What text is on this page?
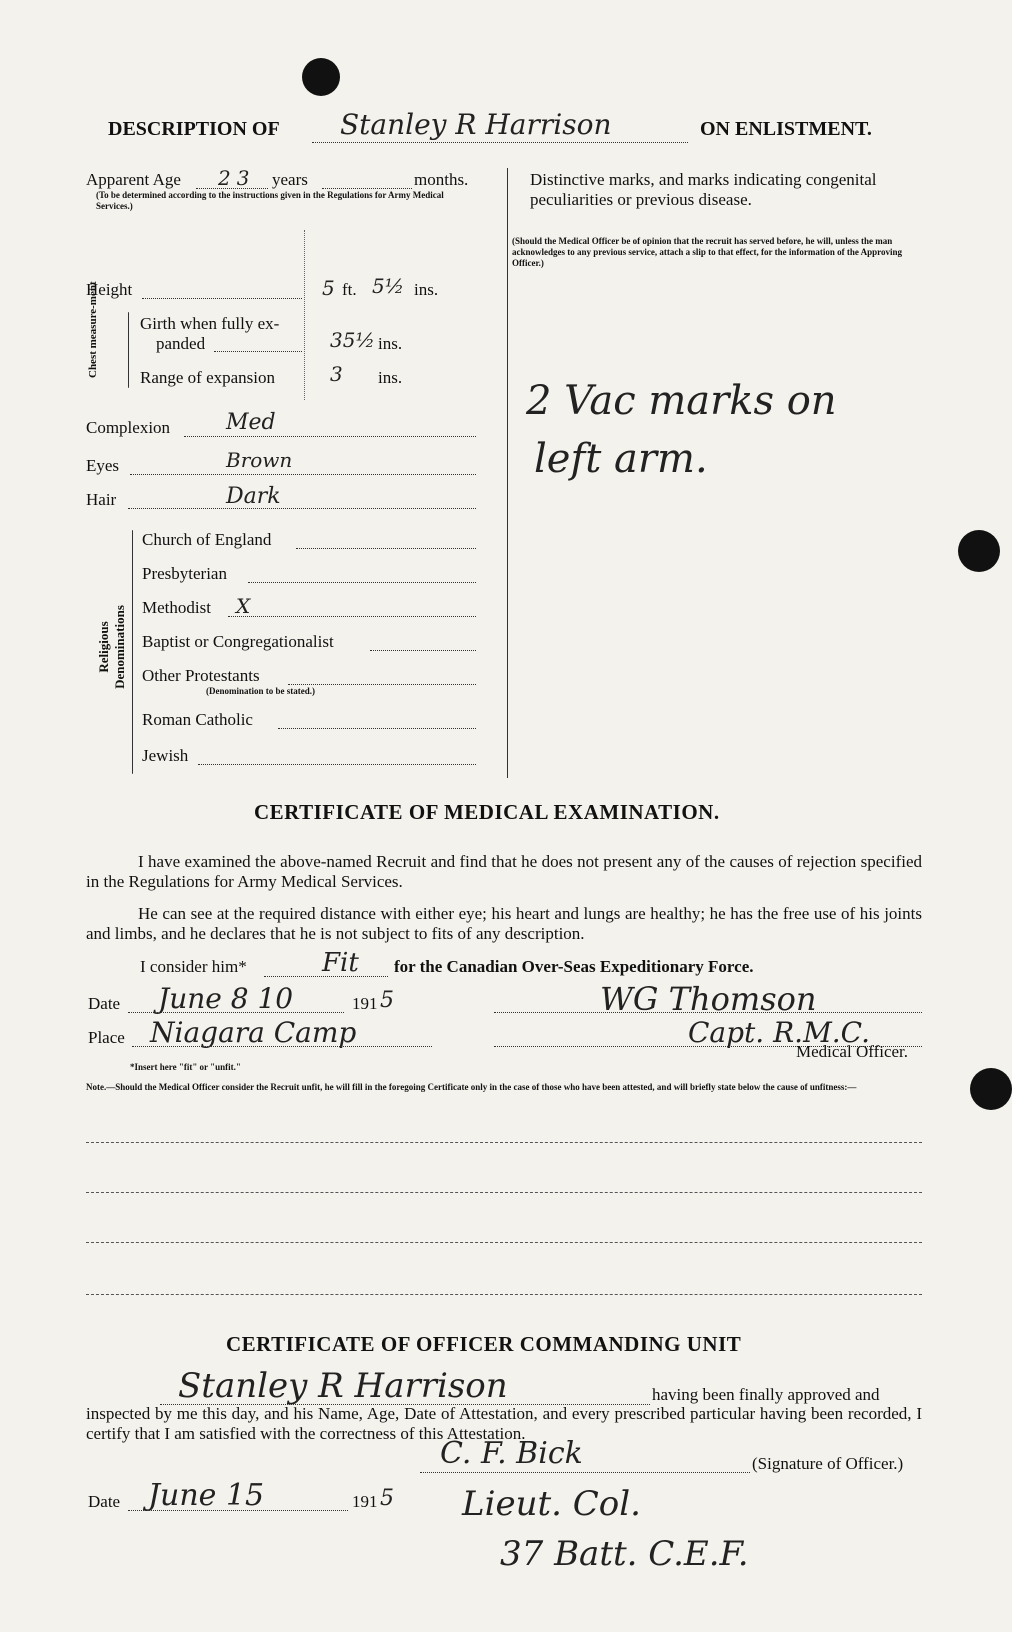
DESCRIPTION OF Stanley R Harrison	ON ENLISTMENT.
Apparent Age 23 years	months.
(To be determined according to the instructions given in the Regulations for Army Medical Services.)
Height	5 ft. 5½ ins.
Chest measure-ment Girth when fully ex-
panded	35½ ins.
Range of expansion	3 ins.
Complexion	Med
Eyes	Brown
Hair	Dark
Religious Denominations
Church of England
Presbyterian
Methodist X
Baptist or Congregationalist
Other Protestants
(Denomination to be stated.)
Roman Catholic
Jewish
Distinctive marks, and marks indicating congenital peculiarities or previous disease.
(Should the Medical Officer be of opinion that the recruit has served before, he will, unless the man acknowledges to any previous service, attach a slip to that effect, for the information of the Approving Officer.)
2 Vac marks on
left arm.
CERTIFICATE OF MEDICAL EXAMINATION.
I have examined the above-named Recruit and find that he does not present any of the causes of rejection specified in the Regulations for Army Medical Services.
He can see at the required distance with either eye; his heart and lungs are healthy; he has the free use of his joints and limbs, and he declares that he is not subject to fits of any description.
I consider him*	Fit for the Canadian Over-Seas Expeditionary Force.
Date June 8 10	191 5
Place Niagara Camp
WG Thomson
Capt. R.M.C.
Medical Officer.
*Insert here "fit" or "unfit."
Note.—Should the Medical Officer consider the Recruit unfit, he will fill in the foregoing Certificate only in the case of those who have been attested, and will briefly state below the cause of unfitness:—
CERTIFICATE OF OFFICER COMMANDING UNIT
Stanley R Harrison	having been finally approved and
inspected by me this day, and his Name, Age, Date of Attestation, and every prescribed particular having been recorded, I certify that I am satisfied with the correctness of this Attestation.
C. F. Bick	(Signature of Officer.)
Date June 15	191 5 Lieut. Col.
37 Batt. C.E.F.
